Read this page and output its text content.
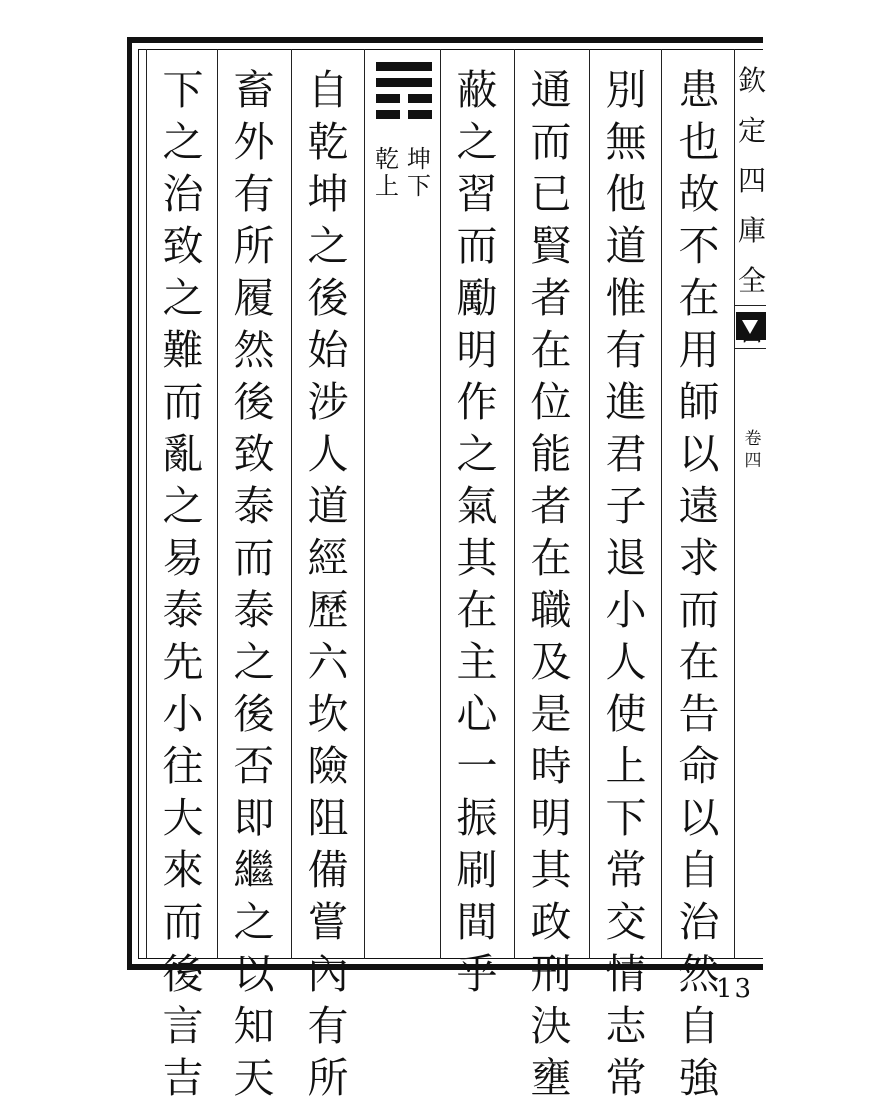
欽
定
四
庫
全
卷
四
13
患
也
故
不
在
用
師
以
遠
求
而
在
告
命
以
自
治
然
自
強
別
無
他
道
惟
有
進
君
子
退
小
人
使
上
下
常
交
情
志
常
通
而
已
賢
者
在
位
能
者
在
職
及
是
時
明
其
政
刑
決
壅
蔽
之
習
而
勵
明
作
之
氣
其
在
主
心
一
振
刷
間
乎
自
乾
坤
之
後
始
涉
人
道
經
歷
六
坎
險
阻
備
嘗
內
有
所
畜
外
有
所
履
然
後
致
泰
而
泰
之
後
否
即
繼
之
以
知
天
下
之
治
致
之
難
而
亂
之
易
泰
先
小
往
大
來
而
後
言
吉
坤
下
乾
上
